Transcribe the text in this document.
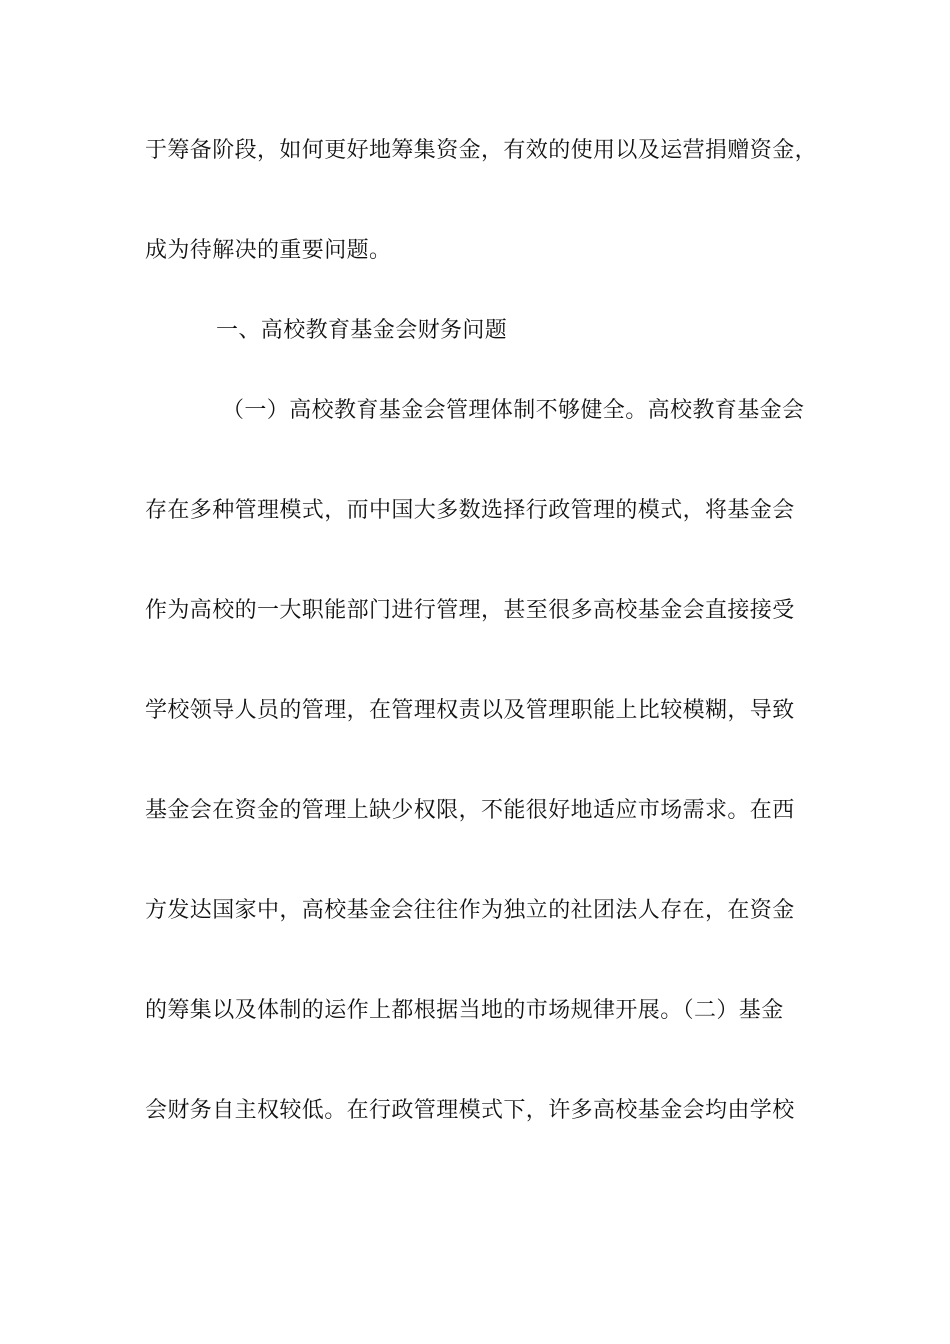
于筹备阶段，如何更好地筹集资金，有效的使用以及运营捐赠资金，
成为待解决的重要问题。
一、高校教育基金会财务问题
（一）高校教育基金会管理体制不够健全。高校教育基金会
存在多种管理模式，而中国大多数选择行政管理的模式，将基金会
作为高校的一大职能部门进行管理，甚至很多高校基金会直接接受
学校领导人员的管理，在管理权责以及管理职能上比较模糊，导致
基金会在资金的管理上缺少权限，不能很好地适应市场需求。在西
方发达国家中，高校基金会往往作为独立的社团法人存在，在资金
的筹集以及体制的运作上都根据当地的市场规律开展。（二）基金
会财务自主权较低。在行政管理模式下，许多高校基金会均由学校
